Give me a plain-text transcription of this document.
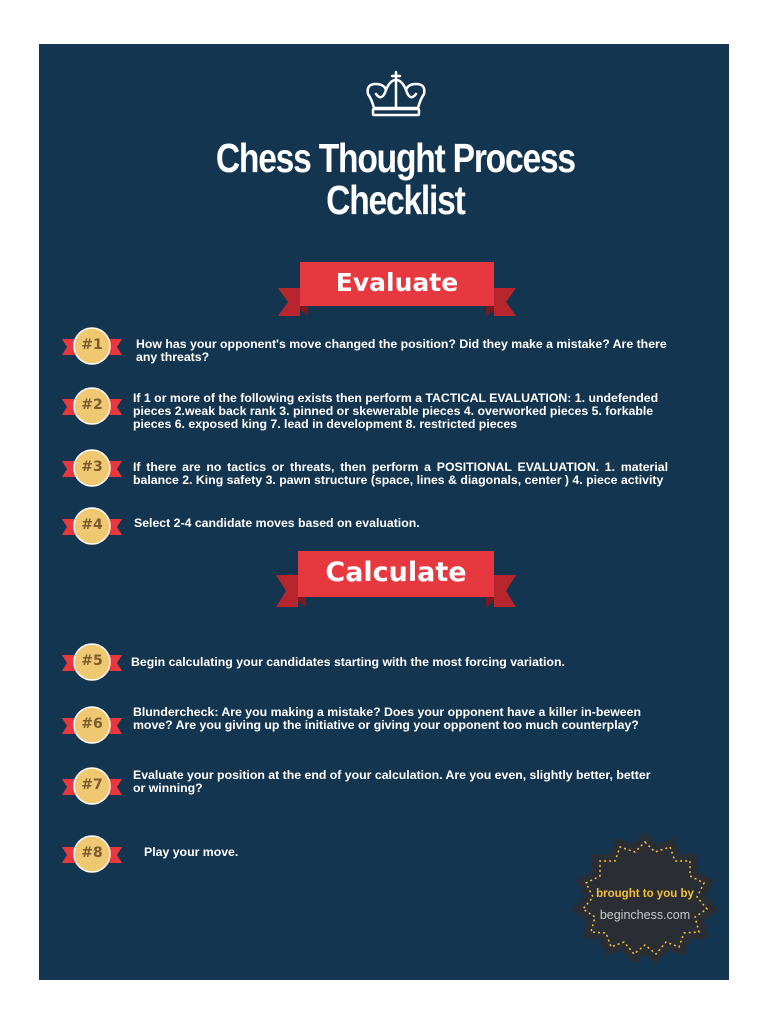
Chess Thought Process
Checklist
Evaluate
Calculate
#1	How has your opponent's move changed the position? Did they make a mistake? Are there any threats?
#2	If 1 or more of the following exists then perform a TACTICAL EVALUATION: 1. undefended pieces 2.weak back rank 3. pinned or skewerable pieces 4. overworked pieces 5. forkable pieces 6. exposed king 7. lead in development 8. restricted pieces
#3	If there are no tactics or threats, then perform a POSITIONAL EVALUATION. 1. material balance 2. King safety 3. pawn structure (space, lines & diagonals, center ) 4. piece activity
#4	Select 2-4 candidate moves based on evaluation.
#5	Begin calculating your candidates starting with the most forcing variation.
#6
Blundercheck: Are you making a mistake? Does your opponent have a killer in-beween move? Are you giving up the initiative or giving your opponent too much counterplay?
#7
Evaluate your position at the end of your calculation. Are you even, slightly better, better or winning?
#8	Play your move.
brought to you by
beginchess.com
